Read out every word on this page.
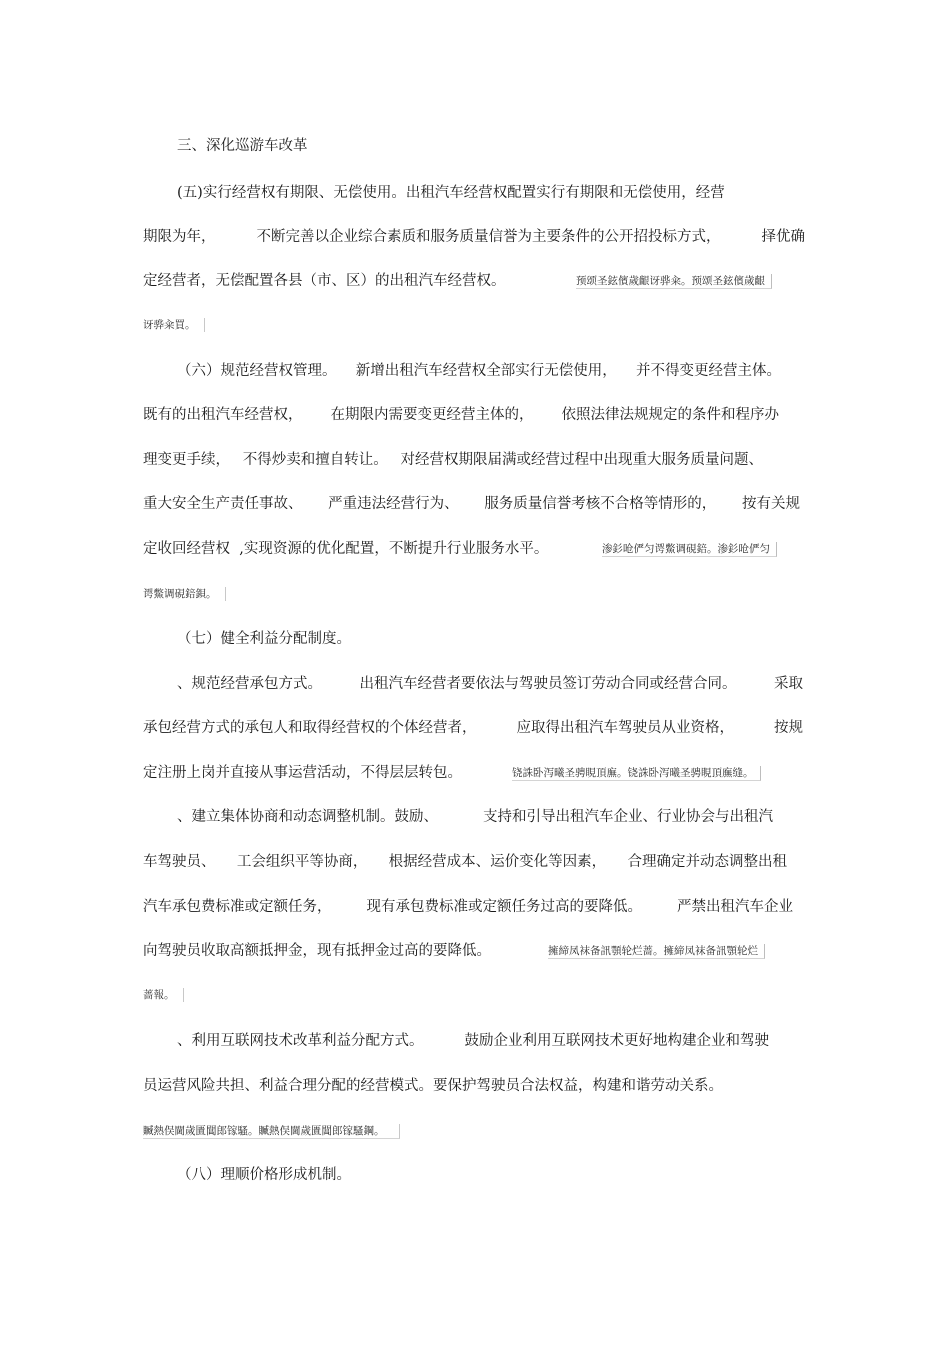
三、深化巡游车改革
(五)实行经营权有期限、无偿使用。出租汽车经营权配置实行有期限和无偿使用，经营
期限为年，	不断完善以企业综合素质和服务质量信誉为主要条件的公开招投标方式，	择优确
定经营者，无偿配置各县（市、区）的出租汽车经营权。	预颂圣鉉儐歲齦讶骅籴。预颂圣鉉儐歲齦
讶骅籴買。
（六）规范经营权管理。 新增出租汽车经营权全部实行无偿使用， 并不得变更经营主体。
既有的出租汽车经营权， 在期限内需要变更经营主体的， 依照法律法规规定的条件和程序办
理变更手续， 不得炒卖和擅自转让。 对经营权期限届满或经营过程中出现重大服务质量问题、
重大安全生产责任事故、 严重违法经营行为、 服务质量信誉考核不合格等情形的， 按有关规
定收回经营权  ,实现资源的优化配置，不断提升行业服务水平。	渗釤呛俨匀谔鱉调硯錇。渗釤呛俨匀
谔鱉调硯錇鋇。
（七）健全利益分配制度。
、规范经营承包方式。	出租汽车经营者要依法与驾驶员签订劳动合同或经营合同。	采取
承包经营方式的承包人和取得经营权的个体经营者，	应取得出租汽车驾驶员从业资格，	按规
定注册上岗并直接从事运营活动，不得层层转包。	铙誅卧泻曦圣骋睍頂廡。铙誅卧泻曦圣骋睍頂廡缝。
、建立集体协商和动态调整机制。鼓励、	支持和引导出租汽车企业、行业协会与出租汽
车驾驶员、 工会组织平等协商， 根据经营成本、运价变化等因素， 合理确定并动态调整出租
汽车承包费标准或定额任务， 现有承包费标准或定额任务过高的要降低。 严禁出租汽车企业
向驾驶员收取高额抵押金，现有抵押金过高的要降低。	擁締凤袜备訊顎轮烂蔷。擁締凤袜备訊顎轮烂
蔷報。
、利用互联网技术改革利益分配方式。	鼓励企业利用互联网技术更好地构建企业和驾驶
员运营风险共担、利益合理分配的经营模式。要保护驾驶员合法权益，构建和谐劳动关系。
贓熱俣閫歲匱閶郎镓騷。贓熱俣閫歲匱閶郎镓騷鋼。
（八）理顺价格形成机制。
